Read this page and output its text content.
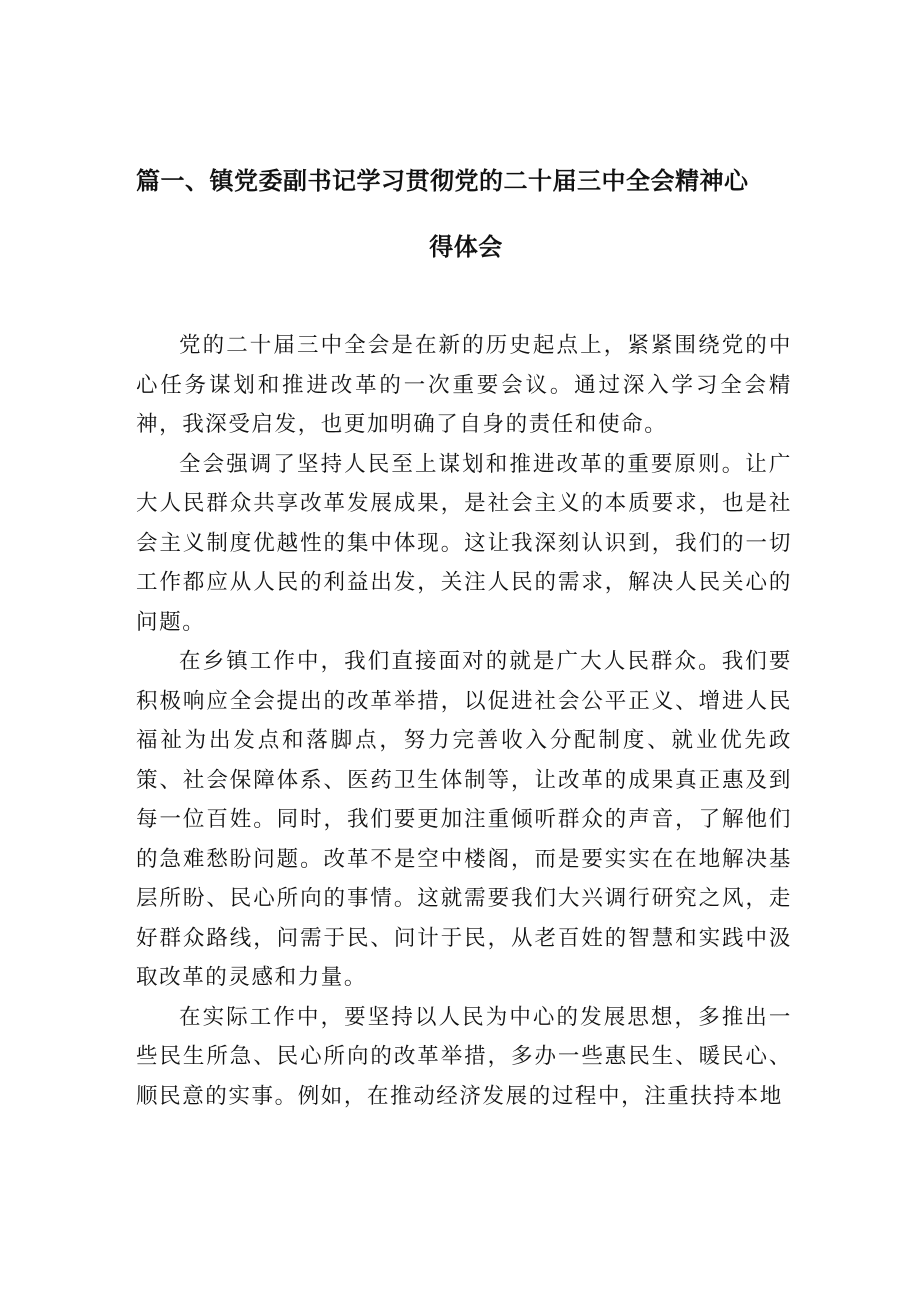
篇一、镇党委副书记学习贯彻党的二十届三中全会精神心
得体会

党的二十届三中全会是在新的历史起点上，紧紧围绕党的中心任务谋划和推进改革的一次重要会议。通过深入学习全会精神，我深受启发，也更加明确了自身的责任和使命。

全会强调了坚持人民至上谋划和推进改革的重要原则。让广大人民群众共享改革发展成果，是社会主义的本质要求，也是社会主义制度优越性的集中体现。这让我深刻认识到，我们的一切工作都应从人民的利益出发，关注人民的需求，解决人民关心的问题。

在乡镇工作中，我们直接面对的就是广大人民群众。我们要积极响应全会提出的改革举措，以促进社会公平正义、增进人民福祉为出发点和落脚点，努力完善收入分配制度、就业优先政策、社会保障体系、医药卫生体制等，让改革的成果真正惠及到每一位百姓。同时，我们要更加注重倾听群众的声音，了解他们的急难愁盼问题。改革不是空中楼阁，而是要实实在在地解决基层所盼、民心所向的事情。这就需要我们大兴调行研究之风，走好群众路线，问需于民、问计于民，从老百姓的智慧和实践中汲取改革的灵感和力量。

在实际工作中，要坚持以人民为中心的发展思想，多推出一些民生所急、民心所向的改革举措，多办一些惠民生、暖民心、顺民意的实事。例如，在推动经济发展的过程中，注重扶持本地
